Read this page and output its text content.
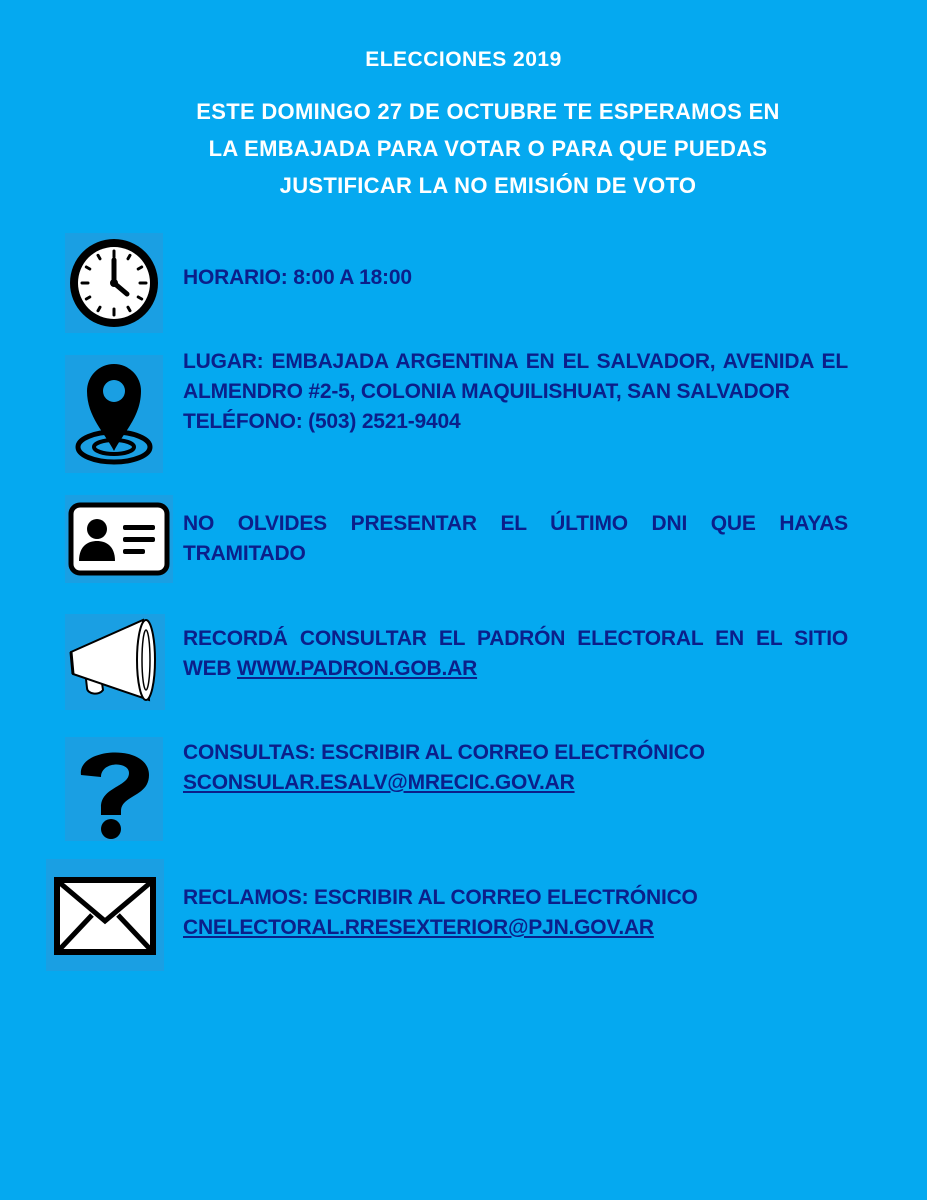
ELECCIONES 2019
ESTE DOMINGO 27 DE OCTUBRE TE ESPERAMOS EN
LA EMBAJADA PARA VOTAR O PARA QUE PUEDAS
JUSTIFICAR LA NO EMISIÓN DE VOTO
HORARIO: 8:00 A 18:00
LUGAR: EMBAJADA ARGENTINA EN EL SALVADOR, AVENIDA EL ALMENDRO #2-5, COLONIA MAQUILISHUAT, SAN SALVADOR
TELÉFONO: (503) 2521-9404
NO OLVIDES PRESENTAR EL ÚLTIMO DNI QUE HAYAS TRAMITADO
RECORDÁ CONSULTAR EL PADRÓN ELECTORAL EN EL SITIO WEB WWW.PADRON.GOB.AR
CONSULTAS: ESCRIBIR AL CORREO ELECTRÓNICO
SCONSULAR.ESALV@MRECIC.GOV.AR
RECLAMOS: ESCRIBIR AL CORREO ELECTRÓNICO
CNELECTORAL.RRESEXTERIOR@PJN.GOV.AR
